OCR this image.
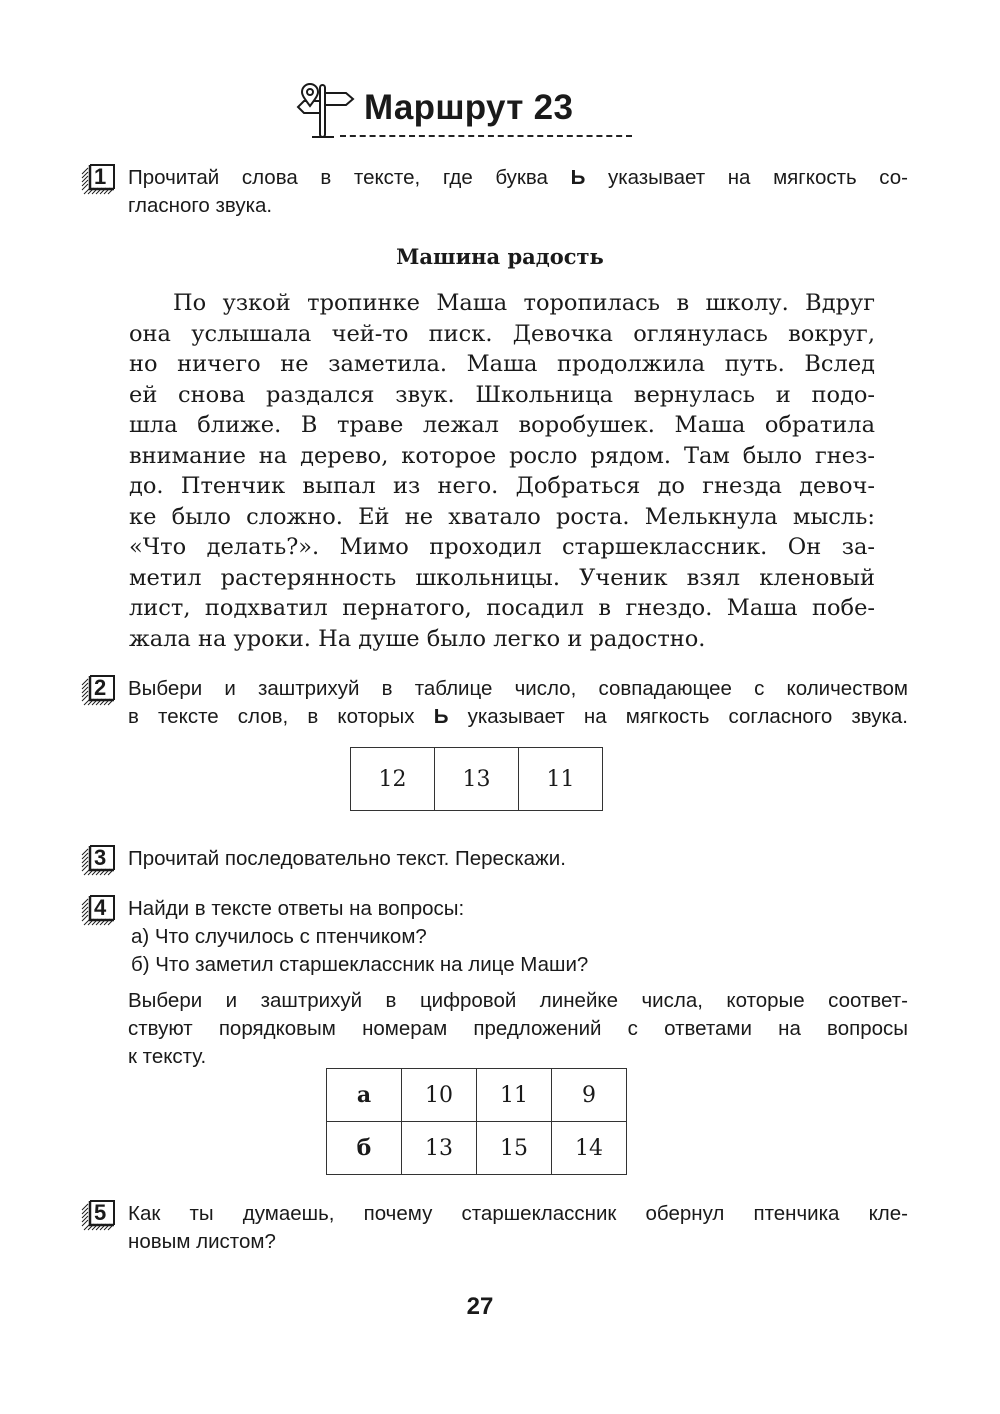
Маршрут 23
1 Прочитай слова в тексте, где буква Ь указывает на мягкость со-
гласного звука.
Машина радость
По узкой тропинке Маша торопилась в школу. Вдруг
она услышала чей-то писк. Девочка оглянулась вокруг,
но ничего не заметила. Маша продолжила путь. Вслед
ей снова раздался звук. Школьница вернулась и подо-
шла ближе. В траве лежал воробушек. Маша обратила
внимание на дерево, которое росло рядом. Там было гнез-
до. Птенчик выпал из него. Добраться до гнезда девоч-
ке было сложно. Ей не хватало роста. Мелькнула мысль:
«Что делать?». Мимо проходил старшеклассник. Он за-
метил растерянность школьницы. Ученик взял кленовый
лист, подхватил пернатого, посадил в гнездо. Маша побе-
жала на уроки. На душе было легко и радостно.
2 Выбери и заштрихуй в таблице число, совпадающее с количеством
в тексте слов, в которых Ь указывает на мягкость согласного звука.
12	13	11
3 Прочитай последовательно текст. Перескажи.
4 Найди в тексте ответы на вопросы:
а) Что случилось с птенчиком?
б) Что заметил старшеклассник на лице Маши?
Выбери и заштрихуй в цифровой линейке числа, которые соответ-
ствуют порядковым номерам предложений с ответами на вопросы
к тексту.
а	10	11	9
б	13	15	14
5 Как ты думаешь, почему старшеклассник обернул птенчика кле-
новым листом?
27
